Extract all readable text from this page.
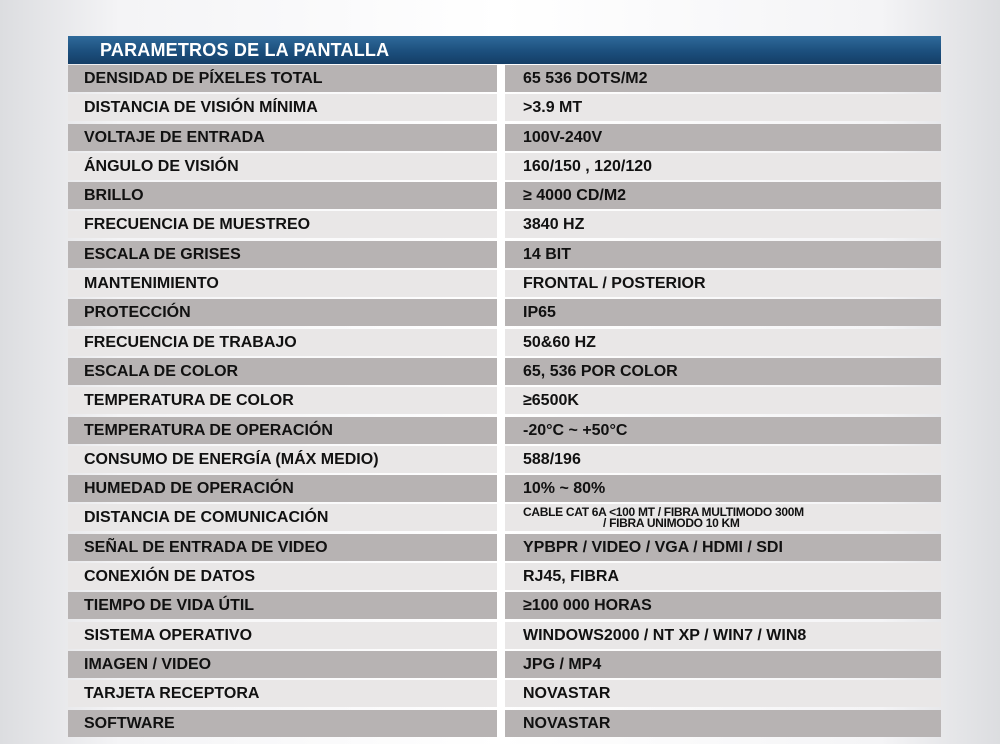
PARAMETROS DE LA PANTALLA
DENSIDAD DE PÍXELES TOTAL	65 536 DOTS/M2
DISTANCIA DE VISIÓN MÍNIMA	>3.9 MT
VOLTAJE DE ENTRADA	100V-240V
ÁNGULO DE VISIÓN	160/150 , 120/120
BRILLO	≥ 4000 CD/M2
FRECUENCIA DE MUESTREO	3840 HZ
ESCALA DE GRISES	14 BIT
MANTENIMIENTO	FRONTAL / POSTERIOR
PROTECCIÓN	IP65
FRECUENCIA DE TRABAJO	50&60 HZ
ESCALA DE COLOR	65, 536 POR COLOR
TEMPERATURA DE COLOR	≥6500K
TEMPERATURA DE OPERACIÓN	-20°C ~ +50°C
CONSUMO DE ENERGÍA (MÁX MEDIO)	588/196
HUMEDAD DE OPERACIÓN	10% ~ 80%
DISTANCIA DE COMUNICACIÓN	CABLE CAT 6A <100 MT / FIBRA MULTIMODO 300M
/ FIBRA UNIMODO 10 KM
SEÑAL DE ENTRADA DE VIDEO	YPBPR / VIDEO / VGA / HDMI / SDI
CONEXIÓN DE DATOS	RJ45, FIBRA
TIEMPO DE VIDA ÚTIL	≥100 000 HORAS
SISTEMA OPERATIVO	WINDOWS2000 / NT XP / WIN7 / WIN8
IMAGEN / VIDEO	JPG / MP4
TARJETA RECEPTORA	NOVASTAR
SOFTWARE	NOVASTAR
